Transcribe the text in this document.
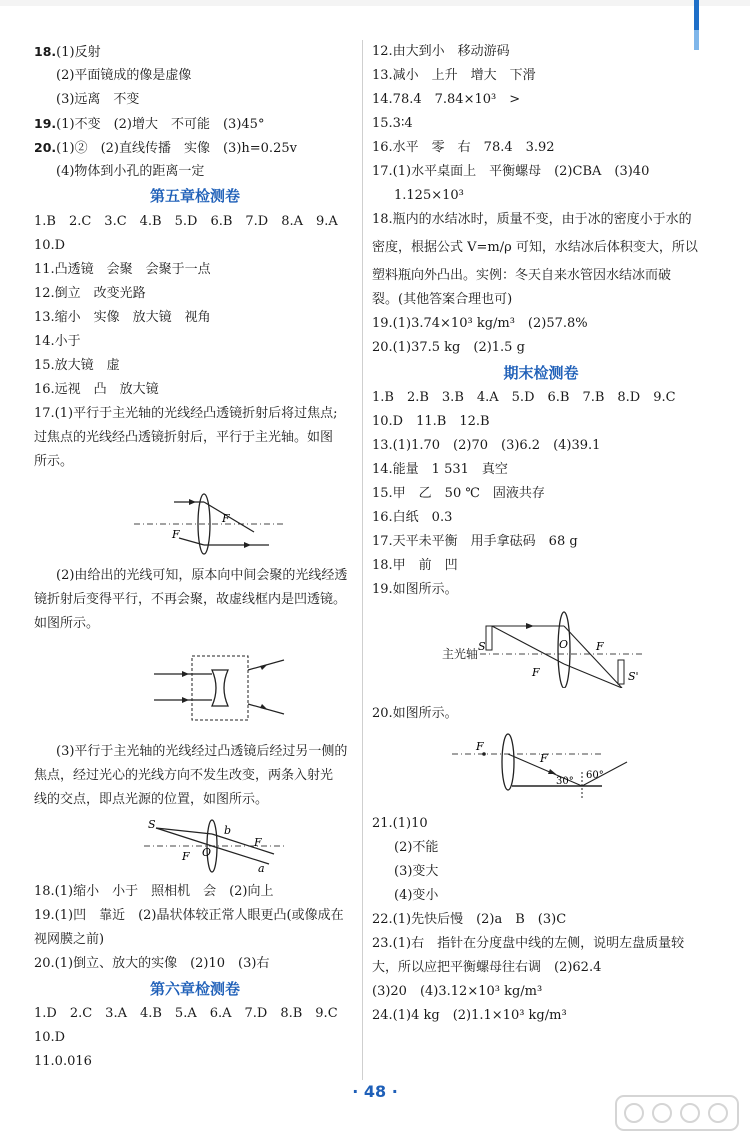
18.(1)反射
(2)平面镜成的像是虚像
(3)远离　不变
19.(1)不变　(2)增大　不可能　(3)45°
20.(1)②　(2)直线传播　实像　(3)h=0.25v
(4)物体到小孔的距离一定
第五章检测卷
1.B　2.C　3.C　4.B　5.D　6.B　7.D　8.A　9.A
10.D
11.凸透镜　会聚　会聚于一点
12.倒立　改变光路
13.缩小　实像　放大镜　视角
14.小于
15.放大镜　虚
16.远视　凸　放大镜
17.(1)平行于主光轴的光线经凸透镜折射后将过焦点;
过焦点的光线经凸透镜折射后，平行于主光轴。如图
所示。
F
F
(2)由给出的光线可知，原本向中间会聚的光线经透
镜折射后变得平行，不再会聚，故虚线框内是凹透镜。
如图所示。
(3)平行于主光轴的光线经过凸透镜后经过另一侧的
焦点，经过光心的光线方向不发生改变，两条入射光
线的交点，即点光源的位置，如图所示。
S
O
b
F
F
a
18.(1)缩小　小于　照相机　会　(2)向上
19.(1)凹　靠近　(2)晶状体较正常人眼更凸(或像成在
视网膜之前)
20.(1)倒立、放大的实像　(2)10　(3)右
第六章检测卷
1.D　2.C　3.A　4.B　5.A　6.A　7.D　8.B　9.C
10.D
11.0.016
12.由大到小　移动游码
13.减小　上升　增大　下滑
14.78.4　7.84×10³　>
15.3∶4
16.水平　零　右　78.4　3.92
17.(1)水平桌面上　平衡螺母　(2)CBA　(3)40
1.125×10³
18.瓶内的水结冰时，质量不变，由于冰的密度小于水的
密度，根据公式 V=m/ρ 可知，水结冰后体积变大，所以
塑料瓶向外凸出。实例：冬天自来水管因水结冰而破
裂。(其他答案合理也可)
19.(1)3.74×10³ kg/m³　(2)57.8%
20.(1)37.5 kg　(2)1.5 g
期末检测卷
1.B　2.B　3.B　4.A　5.D　6.B　7.B　8.D　9.C
10.D　11.B　12.B
13.(1)1.70　(2)70　(3)6.2　(4)39.1
14.能量　1 531　真空
15.甲　乙　50 ℃　固液共存
16.白纸　0.3
17.天平未平衡　用手拿砝码　68 g
18.甲　前　凹
19.如图所示。
S
S'
O	F
F
主光轴
20.如图所示。
F
F
30°
60°
21.(1)10
(2)不能
(3)变大
(4)变小
22.(1)先快后慢　(2)a　B　(3)C
23.(1)右　指针在分度盘中线的左侧，说明左盘质量较
大，所以应把平衡螺母往右调　(2)62.4
(3)20　(4)3.12×10³ kg/m³
24.(1)4 kg　(2)1.1×10³ kg/m³
· 48 ·
